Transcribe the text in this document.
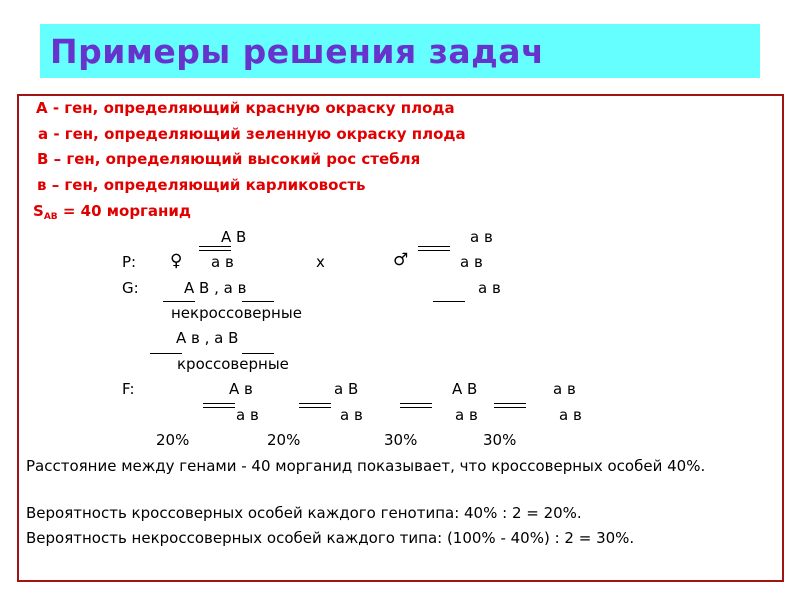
Примеры решения задач
А - ген, определяющий красную окраску плода
а - ген, определяющий зеленную окраску плода
В – ген, определяющий высокий рос стебля
в – ген, определяющий карликовость
$S_{АВ} = 40$ морганид
А В	а в
Р: ♀ а в	х	♂	а в
G:	А В , а в	а в
некроссоверные
А в , а В
кроссоверные
F:	А в	а В	А В	а в
а в	а в	а в	а в
20%	20%	30%	30%
Расстояние между генами - 40 морганид показывает, что кроссоверных особей 40%.
Вероятность кроссоверных особей каждого генотипа: 40% : 2 = 20%.
Вероятность некроссоверных особей каждого типа: (100% - 40%) : 2 = 30%.
